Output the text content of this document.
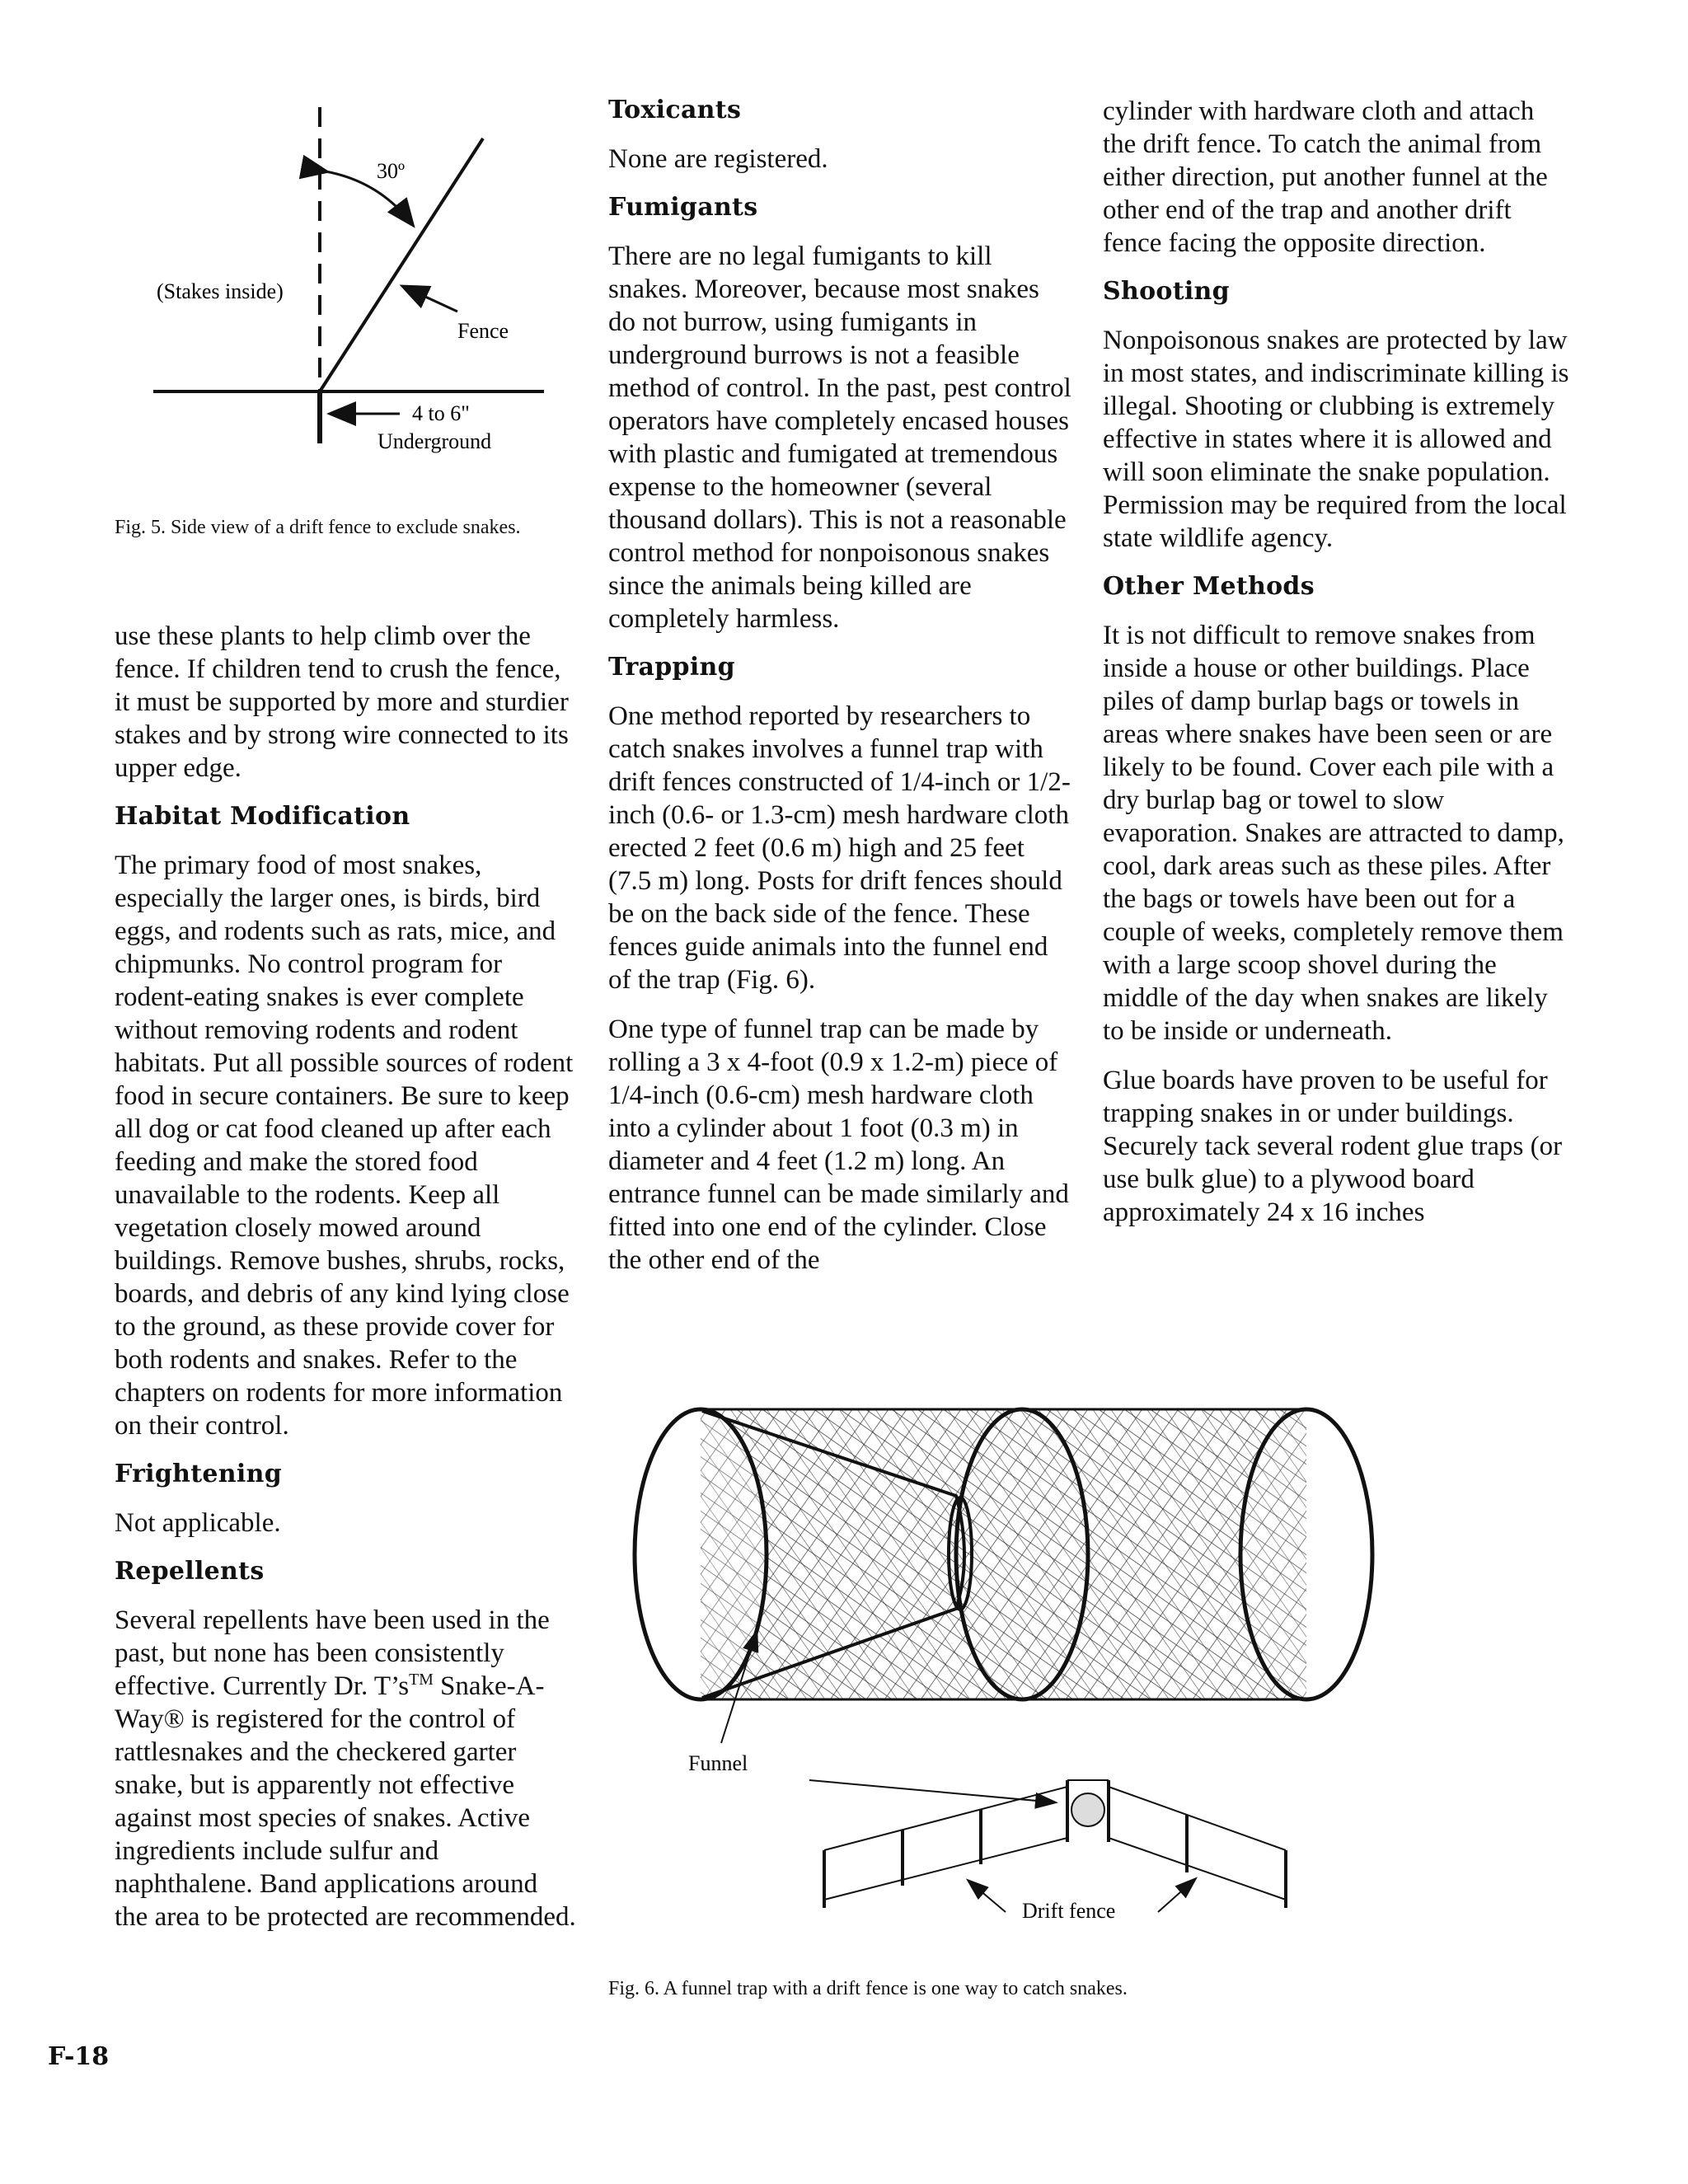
30º
(Stakes inside)
Fence
4 to 6"
Underground
Fig. 5. Side view of a drift fence to exclude snakes.

use these plants to help climb over the fence. If children tend to crush the fence, it must be supported by more and sturdier stakes and by strong wire connected to its upper edge.

Habitat Modification

The primary food of most snakes, especially the larger ones, is birds, bird eggs, and rodents such as rats, mice, and chipmunks. No control program for rodent-eating snakes is ever complete without removing rodents and rodent habitats. Put all possible sources of rodent food in secure containers. Be sure to keep all dog or cat food cleaned up after each feeding and make the stored food unavailable to the rodents. Keep all vegetation closely mowed around buildings. Remove bushes, shrubs, rocks, boards, and debris of any kind lying close to the ground, as these provide cover for both rodents and snakes. Refer to the chapters on rodents for more information on their control.

Frightening

Not applicable.

Repellents

Several repellents have been used in the past, but none has been consistently effective. Currently Dr. T’s™ Snake-A-Way® is registered for the control of rattlesnakes and the checkered garter snake, but is apparently not effective against most species of snakes. Active ingredients include sulfur and naphthalene. Band applications around the area to be protected are recommended.

Toxicants

None are registered.

Fumigants

There are no legal fumigants to kill snakes. Moreover, because most snakes do not burrow, using fumigants in underground burrows is not a feasible method of control. In the past, pest control operators have completely encased houses with plastic and fumigated at tremendous expense to the homeowner (several thousand dollars). This is not a reasonable control method for nonpoisonous snakes since the animals being killed are completely harmless.

Trapping

One method reported by researchers to catch snakes involves a funnel trap with drift fences constructed of 1/4-inch or 1/2-inch (0.6- or 1.3-cm) mesh hardware cloth erected 2 feet (0.6 m) high and 25 feet (7.5 m) long. Posts for drift fences should be on the back side of the fence. These fences guide animals into the funnel end of the trap (Fig. 6).

One type of funnel trap can be made by rolling a 3 x 4-foot (0.9 x 1.2-m) piece of 1/4-inch (0.6-cm) mesh hardware cloth into a cylinder about 1 foot (0.3 m) in diameter and 4 feet (1.2 m) long. An entrance funnel can be made similarly and fitted into one end of the cylinder. Close the other end of the

cylinder with hardware cloth and attach the drift fence. To catch the animal from either direction, put another funnel at the other end of the trap and another drift fence facing the opposite direction.

Shooting

Nonpoisonous snakes are protected by law in most states, and indiscriminate killing is illegal. Shooting or clubbing is extremely effective in states where it is allowed and will soon eliminate the snake population. Permission may be required from the local state wildlife agency.

Other Methods

It is not difficult to remove snakes from inside a house or other buildings. Place piles of damp burlap bags or towels in areas where snakes have been seen or are likely to be found. Cover each pile with a dry burlap bag or towel to slow evaporation. Snakes are attracted to damp, cool, dark areas such as these piles. After the bags or towels have been out for a couple of weeks, completely remove them with a large scoop shovel during the middle of the day when snakes are likely to be inside or underneath.

Glue boards have proven to be useful for trapping snakes in or under buildings. Securely tack several rodent glue traps (or use bulk glue) to a plywood board approximately 24 x 16 inches

Funnel
Drift fence
Fig. 6. A funnel trap with a drift fence is one way to catch snakes.
F-18
